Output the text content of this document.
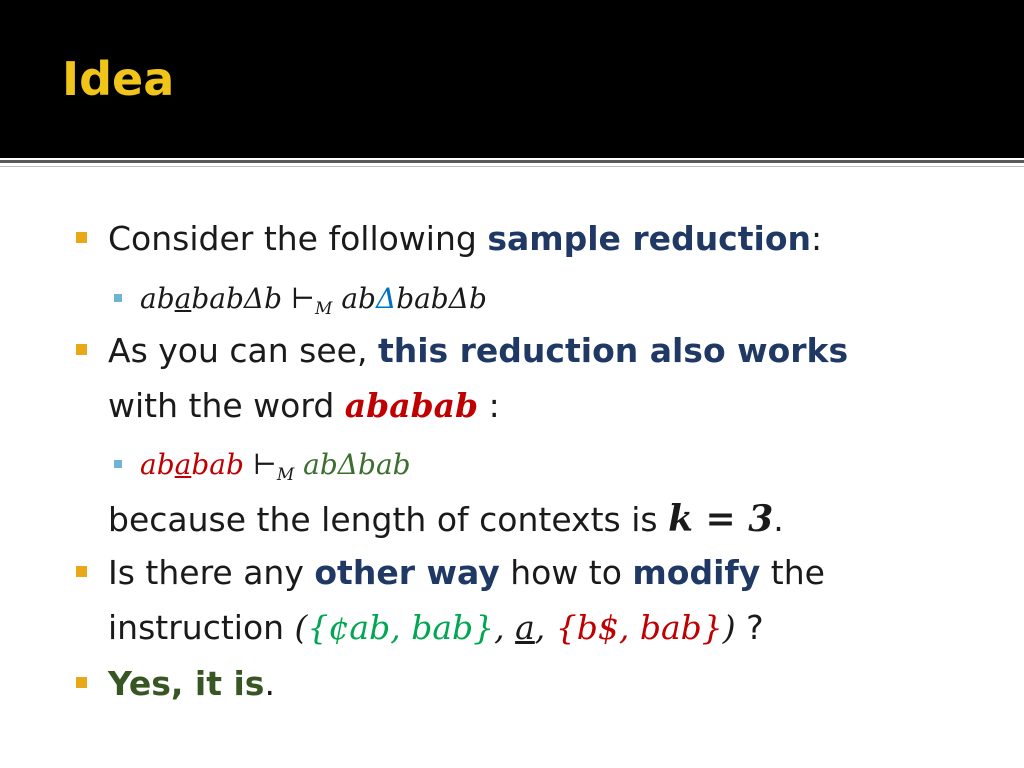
Idea
Consider the following sample reduction:
abababΔb $⊢_M$ abΔbabΔb
As you can see, this reduction also works
with the word ababab :
ababab $⊢_M$ abΔbab
because the length of contexts is k = 3.
Is there any other way how to modify the
instruction ({¢ab, bab}, a, {b$, bab}) ?
Yes, it is.
